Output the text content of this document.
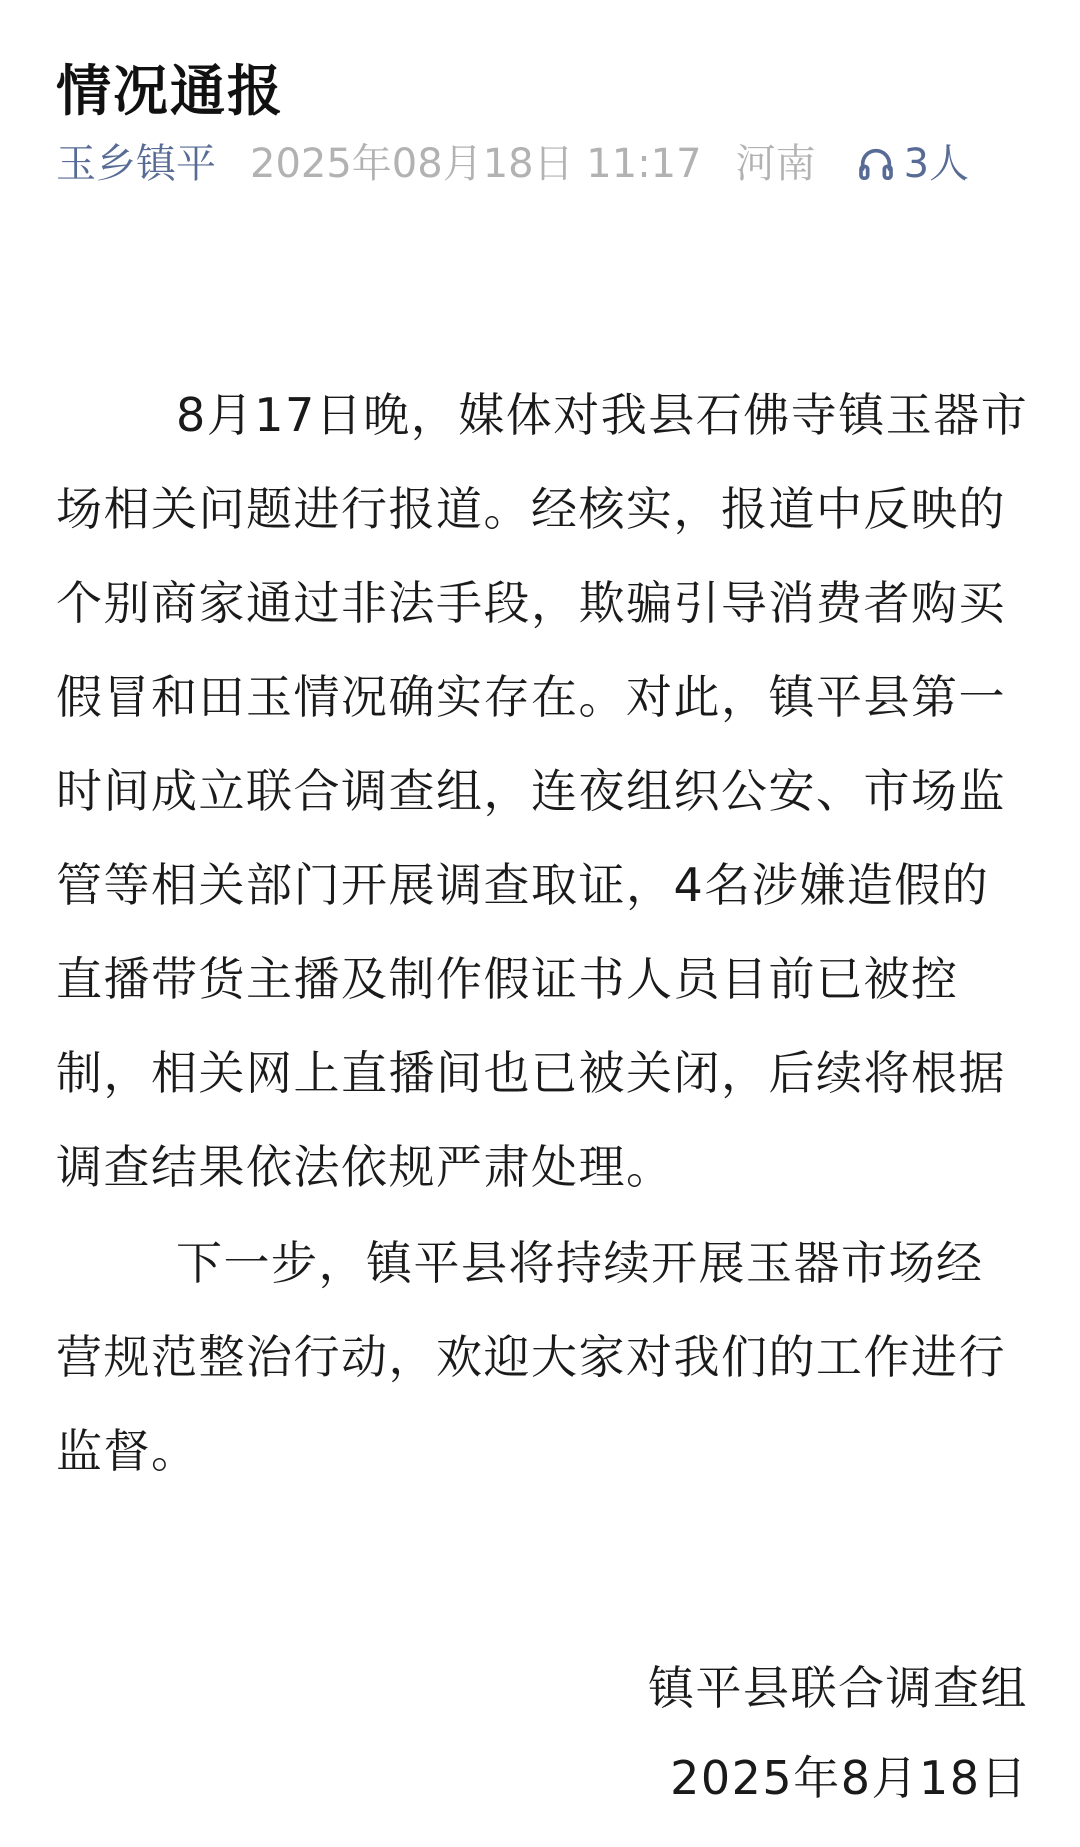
情况通报
玉乡镇平 2025年08月18日 11:17 河南 3人
8月17日晚，媒体对我县石佛寺镇玉器市
场相关问题进行报道。经核实，报道中反映的
个别商家通过非法手段，欺骗引导消费者购买
假冒和田玉情况确实存在。对此，镇平县第一
时间成立联合调查组，连夜组织公安、市场监
管等相关部门开展调查取证，4名涉嫌造假的
直播带货主播及制作假证书人员目前已被控
制，相关网上直播间也已被关闭，后续将根据
调查结果依法依规严肃处理。
下一步，镇平县将持续开展玉器市场经
营规范整治行动，欢迎大家对我们的工作进行
监督。
镇平县联合调查组
2025年8月18日
